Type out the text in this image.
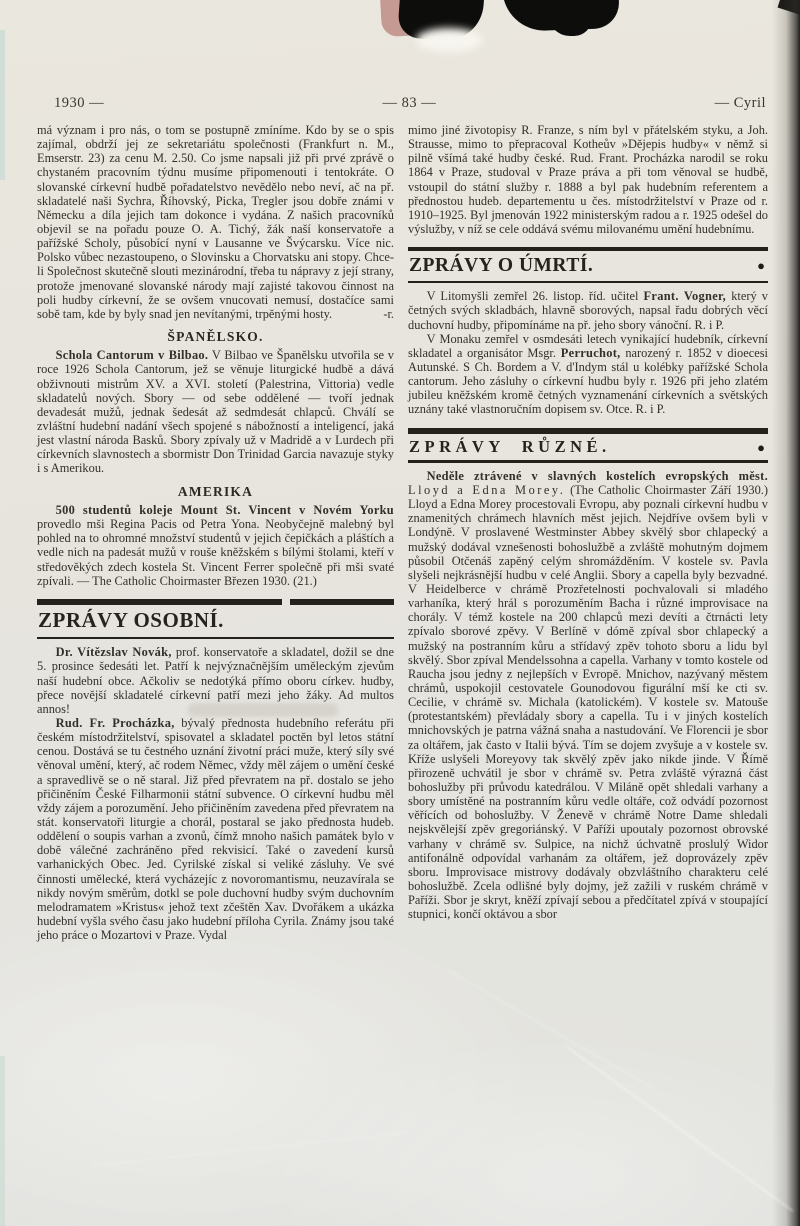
1930 —	— 83 —	— Cyril

má význam i pro nás, o tom se postupně zmíníme. Kdo by se o spis zajímal, obdrží jej ze sekretariátu společnosti (Frankfurt n. M., Emserstr. 23) za cenu M. 2.50. Co jsme napsali již při prvé zprávě o chystaném pracovním týdnu musíme připomenouti i tentokráte. O slovanské církevní hudbě pořadatelstvo nevědělo nebo neví, ač na př. skladatelé naši Sychra, Říhovský, Picka, Tregler jsou dobře známi v Německu a díla jejich tam dokonce i vydána. Z našich pracovníků objevil se na pořadu pouze O. A. Tichý, žák naší konservatoře a pařížské Scholy, působící nyní v Lausanne ve Švýcarsku. Více nic. Polsko vůbec nezastoupeno, o Slovinsku a Chorvatsku ani stopy. Chce-li Společnost skutečně slouti mezinárodní, třeba tu nápravy z její strany, protože jmenované slovanské národy mají zajisté takovou činnost na poli hudby církevní, že se ovšem vnucovati nemusí, dostačíce sami sobě tam, kde by byly snad jen nevítanými, trpěnými hosty.	-r.

ŠPANĚLSKO.

Schola Cantorum v Bilbao. V Bilbao ve Španělsku utvořila se v roce 1926 Schola Cantorum, jež se věnuje liturgické hudbě a dává obživnouti mistrům XV. a XVI. století (Palestrina, Vittoria) vedle skladatelů nových. Sbory — od sebe oddělené — tvoří jednak devadesát mužů, jednak šedesát až sedmdesát chlapců. Chválí se zvláštní hudební nadání všech spojené s nábožností a inteligencí, jaká jest vlastní národa Basků. Sbory zpívaly už v Madridě a v Lurdech při církevních slavnostech a sbormistr Don Trinidad Garcia navazuje styky i s Amerikou.

AMERIKA

500 studentů koleje Mount St. Vincent v Novém Yorku provedlo mši Regina Pacis od Petra Yona. Neobyčejně malebný byl pohled na to ohromné množství studentů v jejich čepičkách a pláštích a vedle nich na padesát mužů v rouše kněžském s bílými štolami, kteří v středověkých zdech kostela St. Vincent Ferrer společně při mši svaté zpívali. — The Catholic Choirmaster Březen 1930. (21.)

ZPRÁVY OSOBNÍ.

Dr. Vítězslav Novák, prof. konservatoře a skladatel, dožil se dne 5. prosince šedesáti let. Patří k nejvýznačnějším uměleckým zjevům naší hudební obce. Ačkoliv se nedotýká přímo oboru církev. hudby, přece novější skladatelé církevní patří mezi jeho žáky. Ad multos annos!

Rud. Fr. Procházka, bývalý přednosta hudebního referátu při českém místodržitelství, spisovatel a skladatel poctěn byl letos státní cenou. Dostává se tu čestného uznání životní práci muže, který síly své věnoval umění, který, ač rodem Němec, vždy měl zájem o umění české a spravedlivě se o ně staral. Již před převratem na př. dostalo se jeho přičiněním České Filharmonii státní subvence. O církevní hudbu měl vždy zájem a porozumění. Jeho přičiněním zavedena před převratem na stát. konservatoři liturgie a chorál, postaral se jako přednosta hudeb. oddělení o soupis varhan a zvonů, čímž mnoho našich památek bylo v době válečné zachráněno před rekvisicí. Také o zavedení kursů varhanických Obec. Jed. Cyrilské získal si veliké zásluhy. Ve své činnosti umělecké, která vycházejíc z novoromantismu, neuzavírala se nikdy novým směrům, dotkl se pole duchovní hudby svým duchovním melodramatem »Kristus« jehož text zčeštěn Xav. Dvořákem a ukázka hudební vyšla svého času jako hudební příloha Cyrila. Známy jsou také jeho práce o Mozartovi v Praze. Vydal

mimo jiné životopisy R. Franze, s ním byl v přátelském styku, a Joh. Strausse, mimo to přepracoval Kotheův »Dějepis hudby« v němž si pilně všímá také hudby české. Rud. Frant. Procházka narodil se roku 1864 v Praze, studoval v Praze práva a při tom věnoval se hudbě, vstoupil do státní služby r. 1888 a byl pak hudebním referentem a přednostou hudeb. departementu u čes. místodržitelství v Praze od r. 1910–1925. Byl jmenován 1922 ministerským radou a r. 1925 odešel do výslužby, v níž se cele oddává svému milovanému umění hudebnímu.

ZPRÁVY O ÚMRTÍ.	●

V Litomyšli zemřel 26. listop. říd. učitel Frant. Vogner, který v četných svých skladbách, hlavně sborových, napsal řadu dobrých věcí duchovní hudby, připomínáme na př. jeho sbory vánoční. R. i P.

V Monaku zemřel v osmdesáti letech vynikající hudebník, církevní skladatel a organisátor Msgr. Perruchot, narozený r. 1852 v dioecesi Autunské. S Ch. Bordem a V. d'Indym stál u kolébky pařížské Schola cantorum. Jeho zásluhy o církevní hudbu byly r. 1926 při jeho zlatém jubileu kněžském kromě četných vyznamenání církevních a světských uznány také vlastnoručním dopisem sv. Otce. R. i P.

ZPRÁVY RŮZNÉ.	●

Neděle ztrávené v slavných kostelích evropských měst. Lloyd a Edna Morey. (The Catholic Choirmaster Září 1930.) Lloyd a Edna Morey procestovali Evropu, aby poznali církevní hudbu v znamenitých chrámech hlavních měst jejich. Nejdříve ovšem byli v Londýně. V proslavené Westminster Abbey skvělý sbor chlapecký a mužský dodával vznešenosti bohoslužbě a zvláště mohutným dojmem působil Otčenáš zapěný celým shromážděním. V kostele sv. Pavla slyšeli nejkrásnější hudbu v celé Anglii. Sbory a capella byly bezvadné. V Heidelberce v chrámě Prozřetelnosti pochvalovali si mladého varhaníka, který hrál s porozuměním Bacha i různé improvisace na chorály. V témž kostele na 200 chlapců mezi devíti a čtrnácti lety zpívalo sborové zpěvy. V Berlíně v dómě zpíval sbor chlapecký a mužský na postranním kůru a střídavý zpěv tohoto sboru a lidu byl skvělý. Sbor zpíval Mendelssohna a capella. Varhany v tomto kostele od Raucha jsou jedny z nejlepších v Evropě. Mnichov, nazývaný městem chrámů, uspokojil cestovatele Gounodovou figurální mší ke cti sv. Cecilie, v chrámě sv. Michala (katolickém). V kostele sv. Matouše (protestantském) převládaly sbory a capella. Tu i v jiných kostelích mnichovských je patrna vážná snaha a nastudování. Ve Florencii je sbor za oltářem, jak často v Italii bývá. Tím se dojem zvyšuje a v kostele sv. Kříže uslyšeli Moreyovy tak skvělý zpěv jako nikde jinde. V Římě přirozeně uchvátil je sbor v chrámě sv. Petra zvláště výrazná část bohoslužby při průvodu katedrálou. V Miláně opět shledali varhany a sbory umístěné na postranním kůru vedle oltáře, což odvádí pozornost věřících od bohoslužby. V Ženevě v chrámě Notre Dame shledali nejskvělejší zpěv gregoriánský. V Paříži upoutaly pozornost obrovské varhany v chrámě sv. Sulpice, na nichž úchvatně proslulý Widor antifonálně odpovídal varhanám za oltářem, jež doprovázely zpěv sboru. Improvisace mistrovy dodávaly obzvláštního charakteru celé bohoslužbě. Zcela odlišné byly dojmy, jež zažili v ruském chrámě v Paříži. Sbor je skryt, kněží zpívají sebou a předčítatel zpívá v stoupající stupnici, končí oktávou a sbor
